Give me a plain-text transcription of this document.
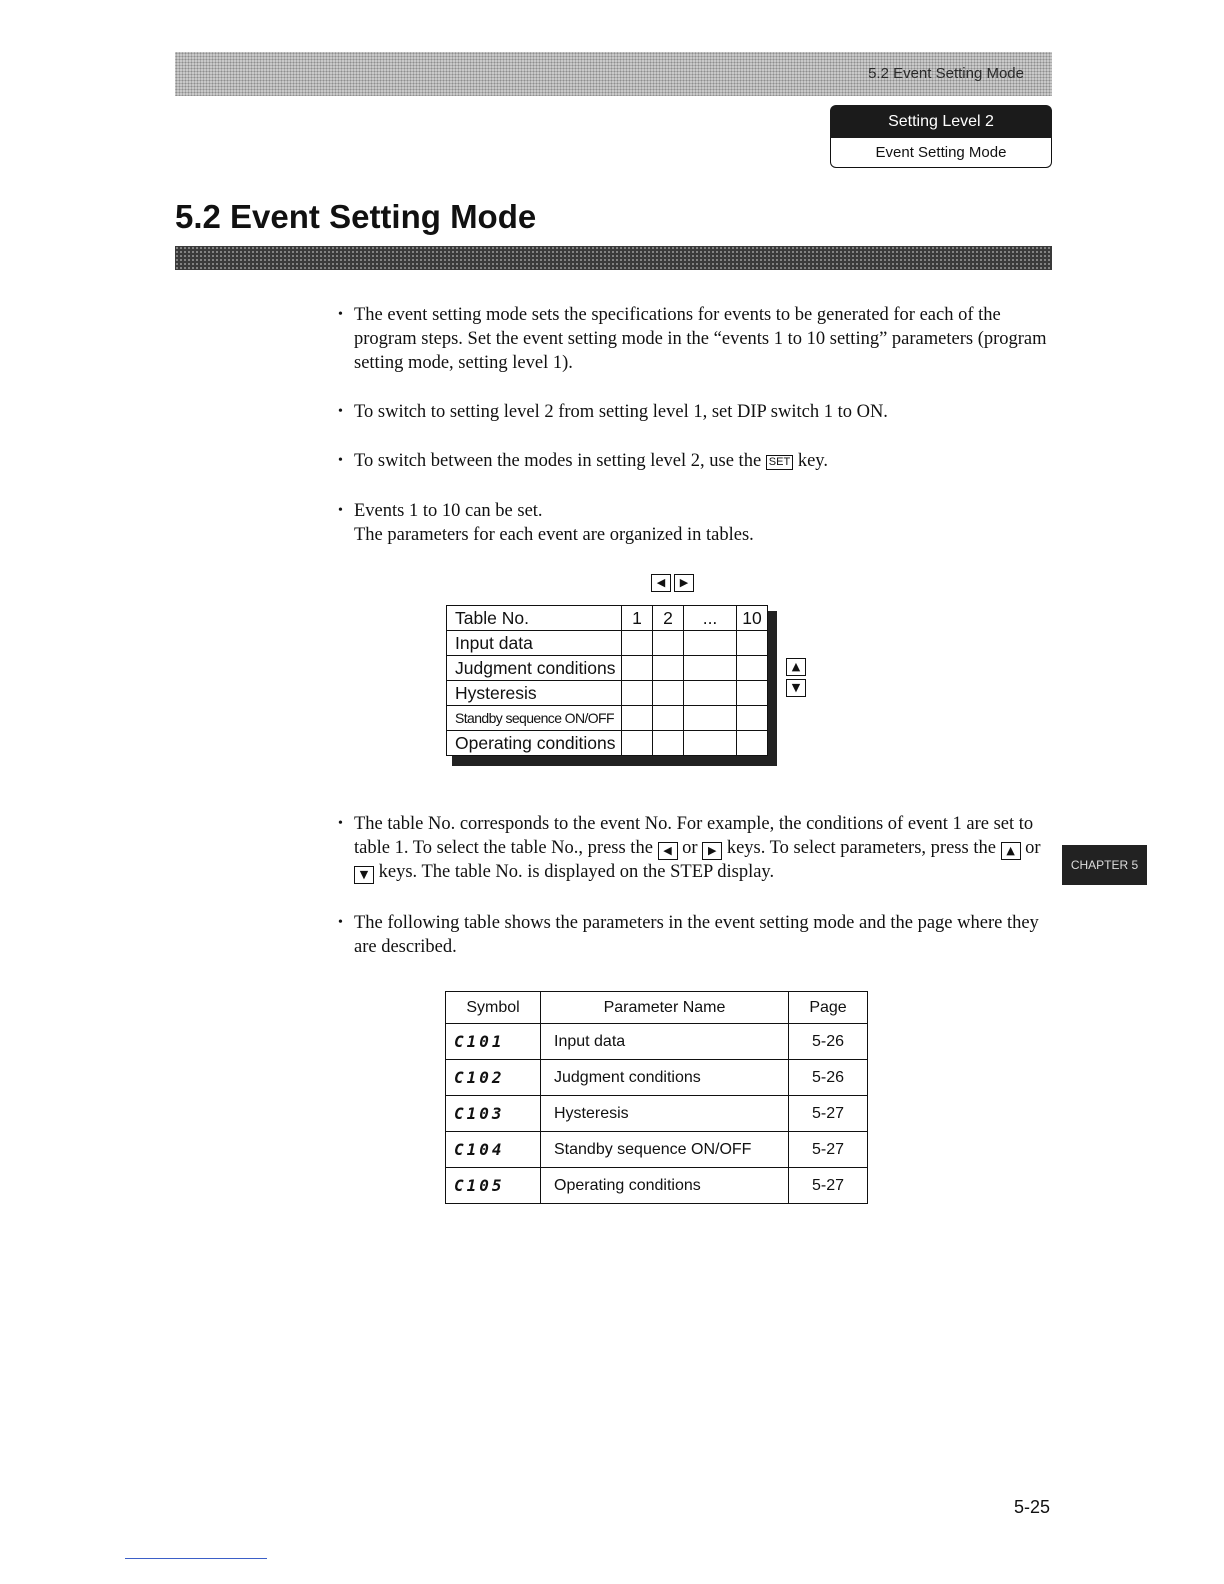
5.2 Event Setting Mode
Setting Level 2
Event Setting Mode
5.2 Event Setting Mode
• The event setting mode sets the specifications for events to be generated for each of the program steps. Set the event setting mode in the “events 1 to 10 setting” parameters (program setting mode, setting level 1).
• To switch to setting level 2 from setting level 1, set DIP switch 1 to ON.
• To switch between the modes in setting level 2, use the SET key.
• Events 1 to 10 can be set.
The parameters for each event are organized in tables.
◀ ▶
Table No.	1	2	...	10
Input data				
Judgment conditions				
Hysteresis				
Standby sequence ON/OFF				
Operating conditions				
▲ ▼
• The table No. corresponds to the event No. For example, the conditions of event 1 are set to table 1. To select the table No., press the ◀ or ▶ keys. To select parameters, press the ▲ or ▼ keys. The table No. is displayed on the STEP display.	CHAPTER 5
• The following table shows the parameters in the event setting mode and the page where they are described.
Symbol	Parameter Name	Page
C101	Input data	5-26
C102	Judgment conditions	5-26
C103	Hysteresis	5-27
C104	Standby sequence ON/OFF	5-27
C105	Operating conditions	5-27
5-25
